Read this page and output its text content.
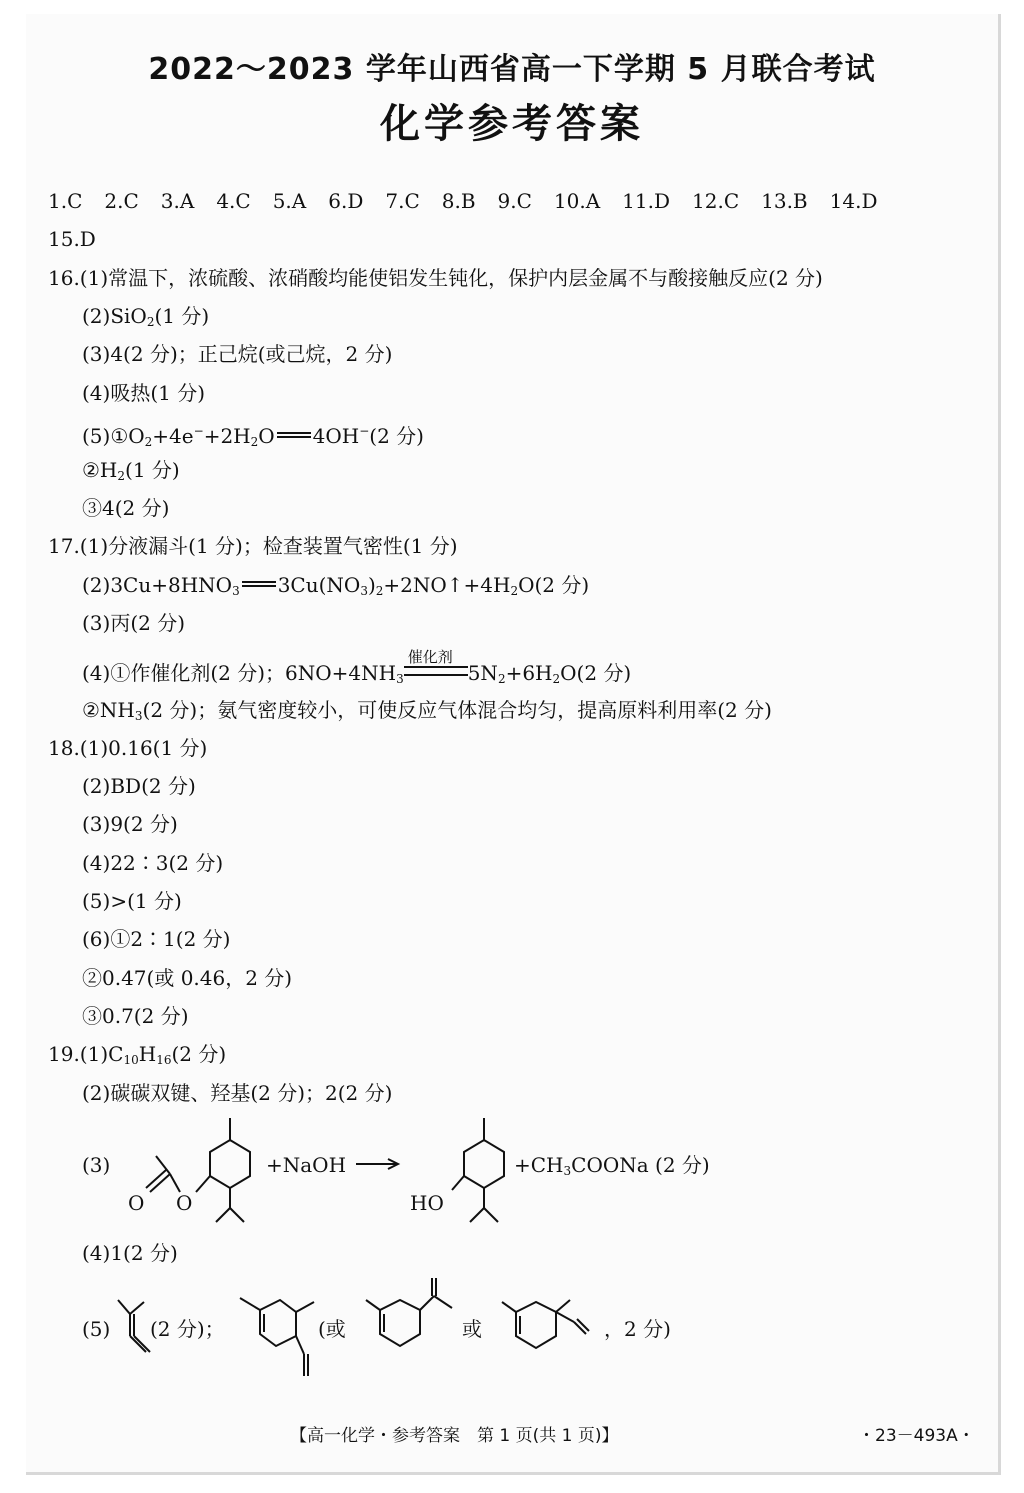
2022～2023 学年山西省高一下学期 5 月联合考试
化学参考答案
1.C 2.C 3.A 4.C 5.A 6.D 7.C 8.B 9.C 10.A 11.D 12.C 13.B 14.D
15.D
16.(1)常温下，浓硫酸、浓硝酸均能使铝发生钝化，保护内层金属不与酸接触反应(2 分)
(2)SiO$_2$(1 分)
(3)4(2 分)；正己烷(或己烷，2 分)
(4)吸热(1 分)
$(5)①O_2+4e^-+2H_2O$ 4OH−(2 分)
$②H_2(1$ 分)
③4(2 分)
17.(1)分液漏斗(1 分)；检查装置气密性(1 分)
$(2)3Cu+8HNO_3$ $3Cu(NO_3)_2+2NO↑+4H_2O(2$ 分)
(3)丙(2 分)
(4)①作催化剂(2 分)；$6NO+4NH_3$
催化剂
$5N_2+6H_2O(2$ 分)
$②NH_3(2$ 分)；氨气密度较小，可使反应气体混合均匀，提高原料利用率(2 分)
18.(1)0.16(1 分)
(2)BD(2 分)
(3)9(2 分)
(4)22∶3(2 分)
(5)>(1 分)
(6)①2∶1(2 分)
②0.47(或 0.46，2 分)
③0.7(2 分)
$19.(1)C_{10}H_{16}(2$ 分)
(2)碳碳双键、羟基(2 分)；2(2 分)
(3)
O O
+NaOH →
HO
$+CH_3COONa$ (2 分)
(4)1(2 分)
(5) (2 分)；	(或	或	，2 分)
【高一化学・参考答案　第 1 页(共 1 页)】	・23－493A・
